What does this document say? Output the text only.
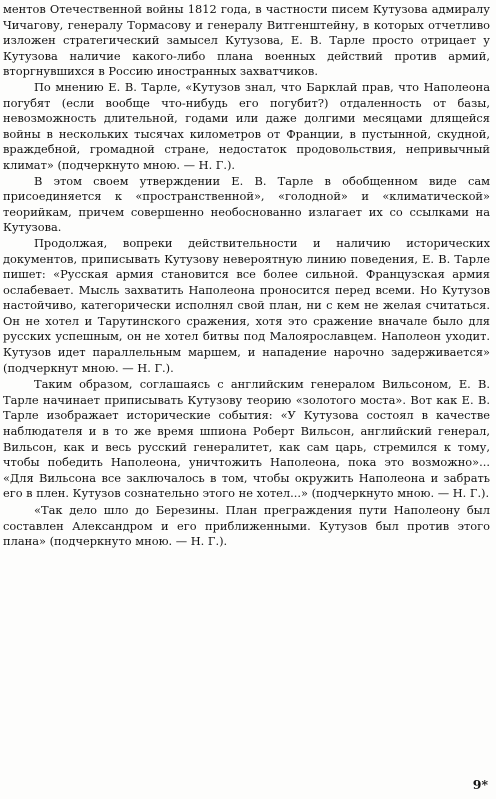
ментов Отечественной войны 1812 года, в частности писем Кутузова адмиралу Чичагову, генералу Тормасову и генералу Витгенштейну, в которых отчетливо изложен стратегический замысел Кутузова, Е. В. Тарле просто отрицает у Кутузова наличие какого-либо плана военных действий против армий, вторгнувшихся в Россию иностранных захватчиков.

По мнению Е. В. Тарле, «Кутузов знал, что Барклай прав, что Наполеона погубят (если вообще что-нибудь его погубит?) отдаленность от базы, невозможность длительной, годами или даже долгими месяцами длящейся войны в нескольких тысячах километров от Франции, в пустынной, скудной, враждебной, громадной стране, недостаток продовольствия, непривычный климат» (подчеркнуто мною. — Н. Г.).

В этом своем утверждении Е. В. Тарле в обобщенном виде сам присоединяется к «пространственной», «голодной» и «климатической» теорийкам, причем совершенно необоснованно излагает их со ссылками на Кутузова.

Продолжая, вопреки действительности и наличию исторических документов, приписывать Кутузову невероятную линию поведения, Е. В. Тарле пишет: «Русская армия становится все более сильной. Французская армия ослабевает. Мысль захватить Наполеона проносится перед всеми. Но Кутузов настойчиво, категорически исполнял свой план, ни с кем не желая считаться. Он не хотел и Тарутинского сражения, хотя это сражение вначале было для русских успешным, он не хотел битвы под Малоярославцем. Наполеон уходит. Кутузов идет параллельным маршем, и нападение нарочно задерживается» (подчеркнут мною. — Н. Г.).

Таким образом, соглашаясь с английским генералом Вильсоном, Е. В. Тарле начинает приписывать Кутузову теорию «золотого моста». Вот как Е. В. Тарле изображает исторические события: «У Кутузова состоял в качестве наблюдателя и в то же время шпиона Роберт Вильсон, английский генерал, Вильсон, как и весь русский генералитет, как сам царь, стремился к тому, чтобы победить Наполеона, уничтожить Наполеона, пока это возможно»... «Для Вильсона все заключалось в том, чтобы окружить Наполеона и забрать его в плен. Кутузов сознательно этого не хотел...» (подчеркнуто мною. — Н. Г.).

«Так дело шло до Березины. План преграждения пути Наполеону был составлен Александром и его приближенными. Кутузов был против этого плана» (подчеркнуто мною. — Н. Г.).

9*
